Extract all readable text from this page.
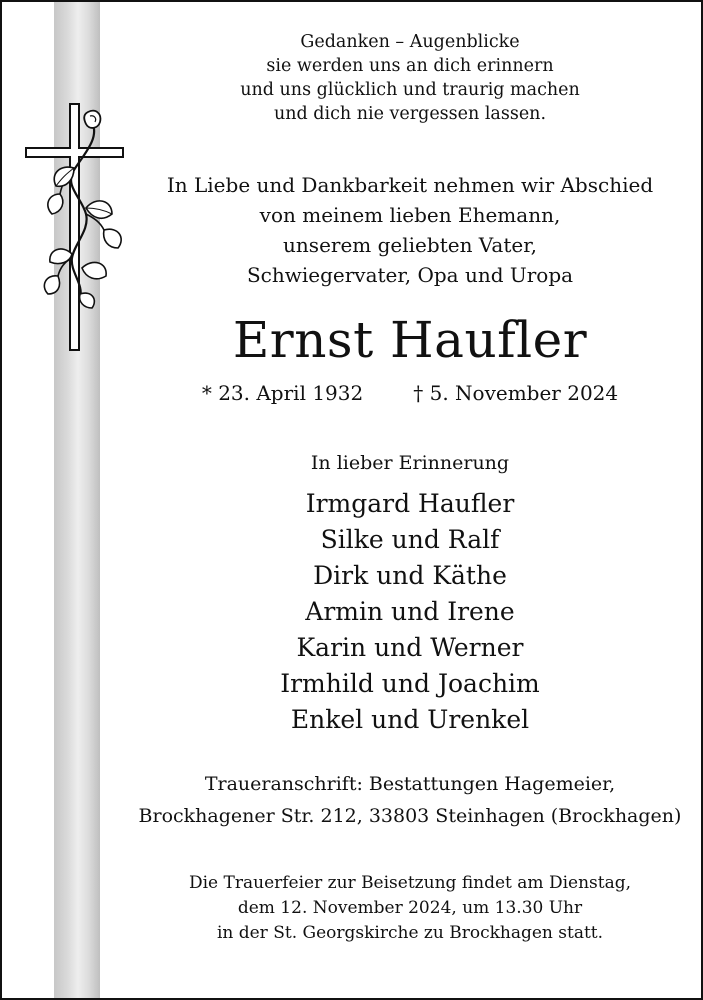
Gedanken – Augenblicke
sie werden uns an dich erinnern
und uns glücklich und traurig machen
und dich nie vergessen lassen.
In Liebe und Dankbarkeit nehmen wir Abschied
von meinem lieben Ehemann,
unserem geliebten Vater,
Schwiegervater, Opa und Uropa
Ernst Haufler
* 23. April 1932	† 5. November 2024
In lieber Erinnerung
Irmgard Haufler
Silke und Ralf
Dirk und Käthe
Armin und Irene
Karin und Werner
Irmhild und Joachim
Enkel und Urenkel
Traueranschrift: Bestattungen Hagemeier,
Brockhagener Str. 212, 33803 Steinhagen (Brockhagen)
Die Trauerfeier zur Beisetzung findet am Dienstag,
dem 12. November 2024, um 13.30 Uhr
in der St. Georgskirche zu Brockhagen statt.
